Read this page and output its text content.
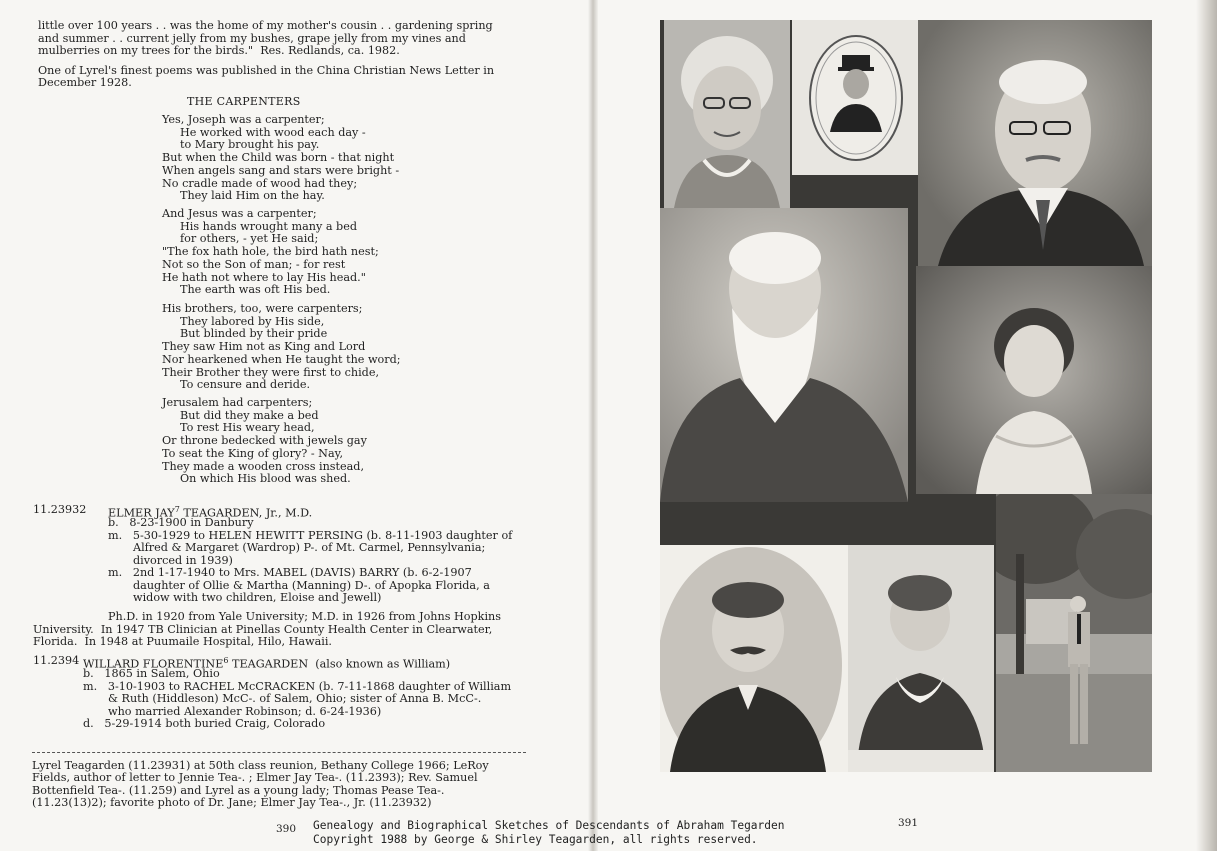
little over 100 years . . was the home of my mother's cousin . . gardening spring
and summer . . current jelly from my bushes, grape jelly from my vines and
mulberries on my trees for the birds."  Res. Redlands, ca. 1982.
One of Lyrel's finest poems was published in the China Christian News Letter in
December 1928.
THE CARPENTERS
Yes, Joseph was a carpenter;
He worked with wood each day -
to Mary brought his pay.
But when the Child was born - that night
When angels sang and stars were bright -
No cradle made of wood had they;
They laid Him on the hay.
And Jesus was a carpenter;
His hands wrought many a bed
for others, - yet He said;
"The fox hath hole, the bird hath nest;
Not so the Son of man; - for rest
He hath not where to lay His head."
The earth was oft His bed.
His brothers, too, were carpenters;
They labored by His side,
But blinded by their pride
They saw Him not as King and Lord
Nor hearkened when He taught the word;
Their Brother they were first to chide,
To censure and deride.
Jerusalem had carpenters;
But did they make a bed
To rest His weary head,
Or throne bedecked with jewels gay
To seat the King of glory? - Nay,
They made a wooden cross instead,
On which His blood was shed.
11.23932 ELMER JAY$^7$ TEAGARDEN, Jr., M.D.
b.   8-23-1900 in Danbury
m.   5-30-1929 to HELEN HEWITT PERSING (b. 8-11-1903 daughter of
Alfred & Margaret (Wardrop) P-. of Mt. Carmel, Pennsylvania;
divorced in 1939)
m.   2nd 1-17-1940 to Mrs. MABEL (DAVIS) BARRY (b. 6-2-1907
daughter of Ollie & Martha (Manning) D-. of Apopka Florida, a
widow with two children, Eloise and Jewell)
Ph.D. in 1920 from Yale University; M.D. in 1926 from Johns Hopkins
University.  In 1947 TB Clinician at Pinellas County Health Center in Clearwater,
Florida.  In 1948 at Puumaile Hospital, Hilo, Hawaii.
11.2394 WILLARD FLORENTINE$^6$ TEAGARDEN  (also known as William)
b.   1865 in Salem, Ohio
m.   3-10-1903 to RACHEL McCRACKEN (b. 7-11-1868 daughter of William
& Ruth (Hiddleson) McC-. of Salem, Ohio; sister of Anna B. McC-.
who married Alexander Robinson; d. 6-24-1936)
d.   5-29-1914 both buried Craig, Colorado
Lyrel Teagarden (11.23931) at 50th class reunion, Bethany College 1966; LeRoy
Fields, author of letter to Jennie Tea-. ; Elmer Jay Tea-. (11.2393); Rev. Samuel
Bottenfield Tea-. (11.259) and Lyrel as a young lady; Thomas Pease Tea-.
(11.23(13)2); favorite photo of Dr. Jane; Elmer Jay Tea-., Jr. (11.23932)
390	391
Genealogy and Biographical Sketches of Descendants of Abraham Tegarden
Copyright 1988 by George & Shirley Teagarden, all rights reserved.
